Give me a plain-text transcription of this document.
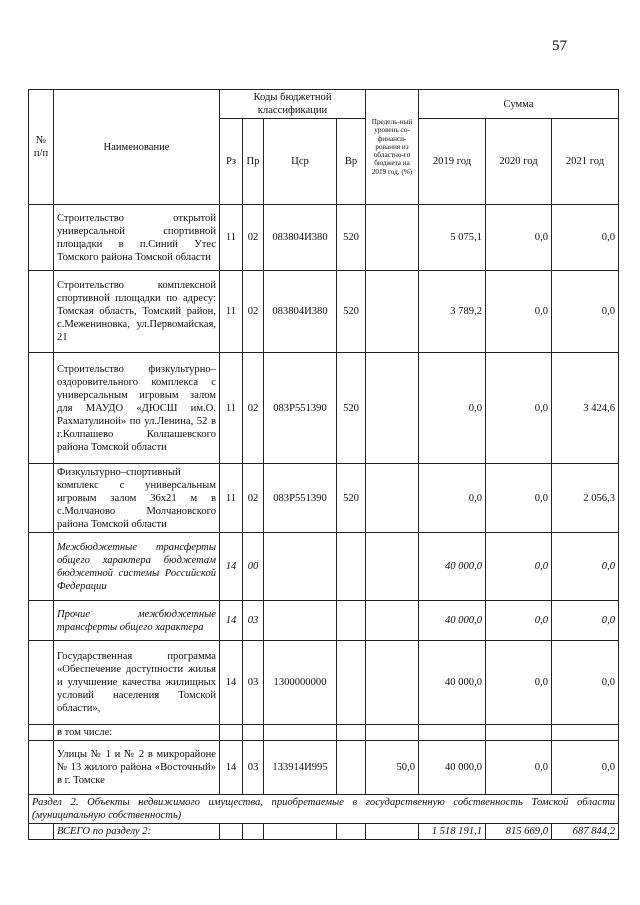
57
№ п/п	Наименование	Коды бюджетной классификации				Предель-ный уровень со-финанси-рования из областно-го бюджета на 2019 год, (%)	Сумма		
		Рз	Пр	Цср	Вр		2019 год	2020 год	2021 год
	Строительство открытой универсальной спортивной площадки в п.Синий Утес Томского района Томской области	11	02	083804И380	520		5 075,1	0,0	0,0
	Строительство комплексной спортивной площадки по адресу: Томская область, Томский район, с.Межениновка, ул.Первомайская, 21	11	02	083804И380	520		3 789,2	0,0	0,0
	Строительство физкультурно–оздоровительного комплекса с универсальным игровым залом для МАУДО «ДЮСШ им.О. Рахматулиной» по ул.Ленина, 52 в г.Колпашево Колпашевского района Томской области	11	02	083P551390	520		0,0	0,0	3 424,6
	Физкультурно–спортивный комплекс с универсальным игровым залом 36х21 м в с.Молчаново Молчановского района Томской области	11	02	083P551390	520		0,0	0,0	2 056,3
	Межбюджетные трансферты общего характера бюджетам бюджетной системы Российской Федерации	14	00				40 000,0	0,0	0,0
	Прочие межбюджетные трансферты общего характера	14	03				40 000,0	0,0	0,0
	Государственная программа «Обеспечение доступности жилья и улучшение качества жилищных условий населения Томской области»,	14	03	1300000000			40 000,0	0,0	0,0
	в том числе:								
	Улицы № 1 и № 2 в микрорайоне № 13 жилого района «Восточный» в г. Томске	14	03	133914И995		50,0	40 000,0	0,0	0,0
Раздел 2. Объекты недвижимого имущества, приобретаемые в государственную собственность Томской области (муниципальную собственность)									
	ВСЕГО по разделу 2:						1 518 191,1	815 669,0	687 844,2
